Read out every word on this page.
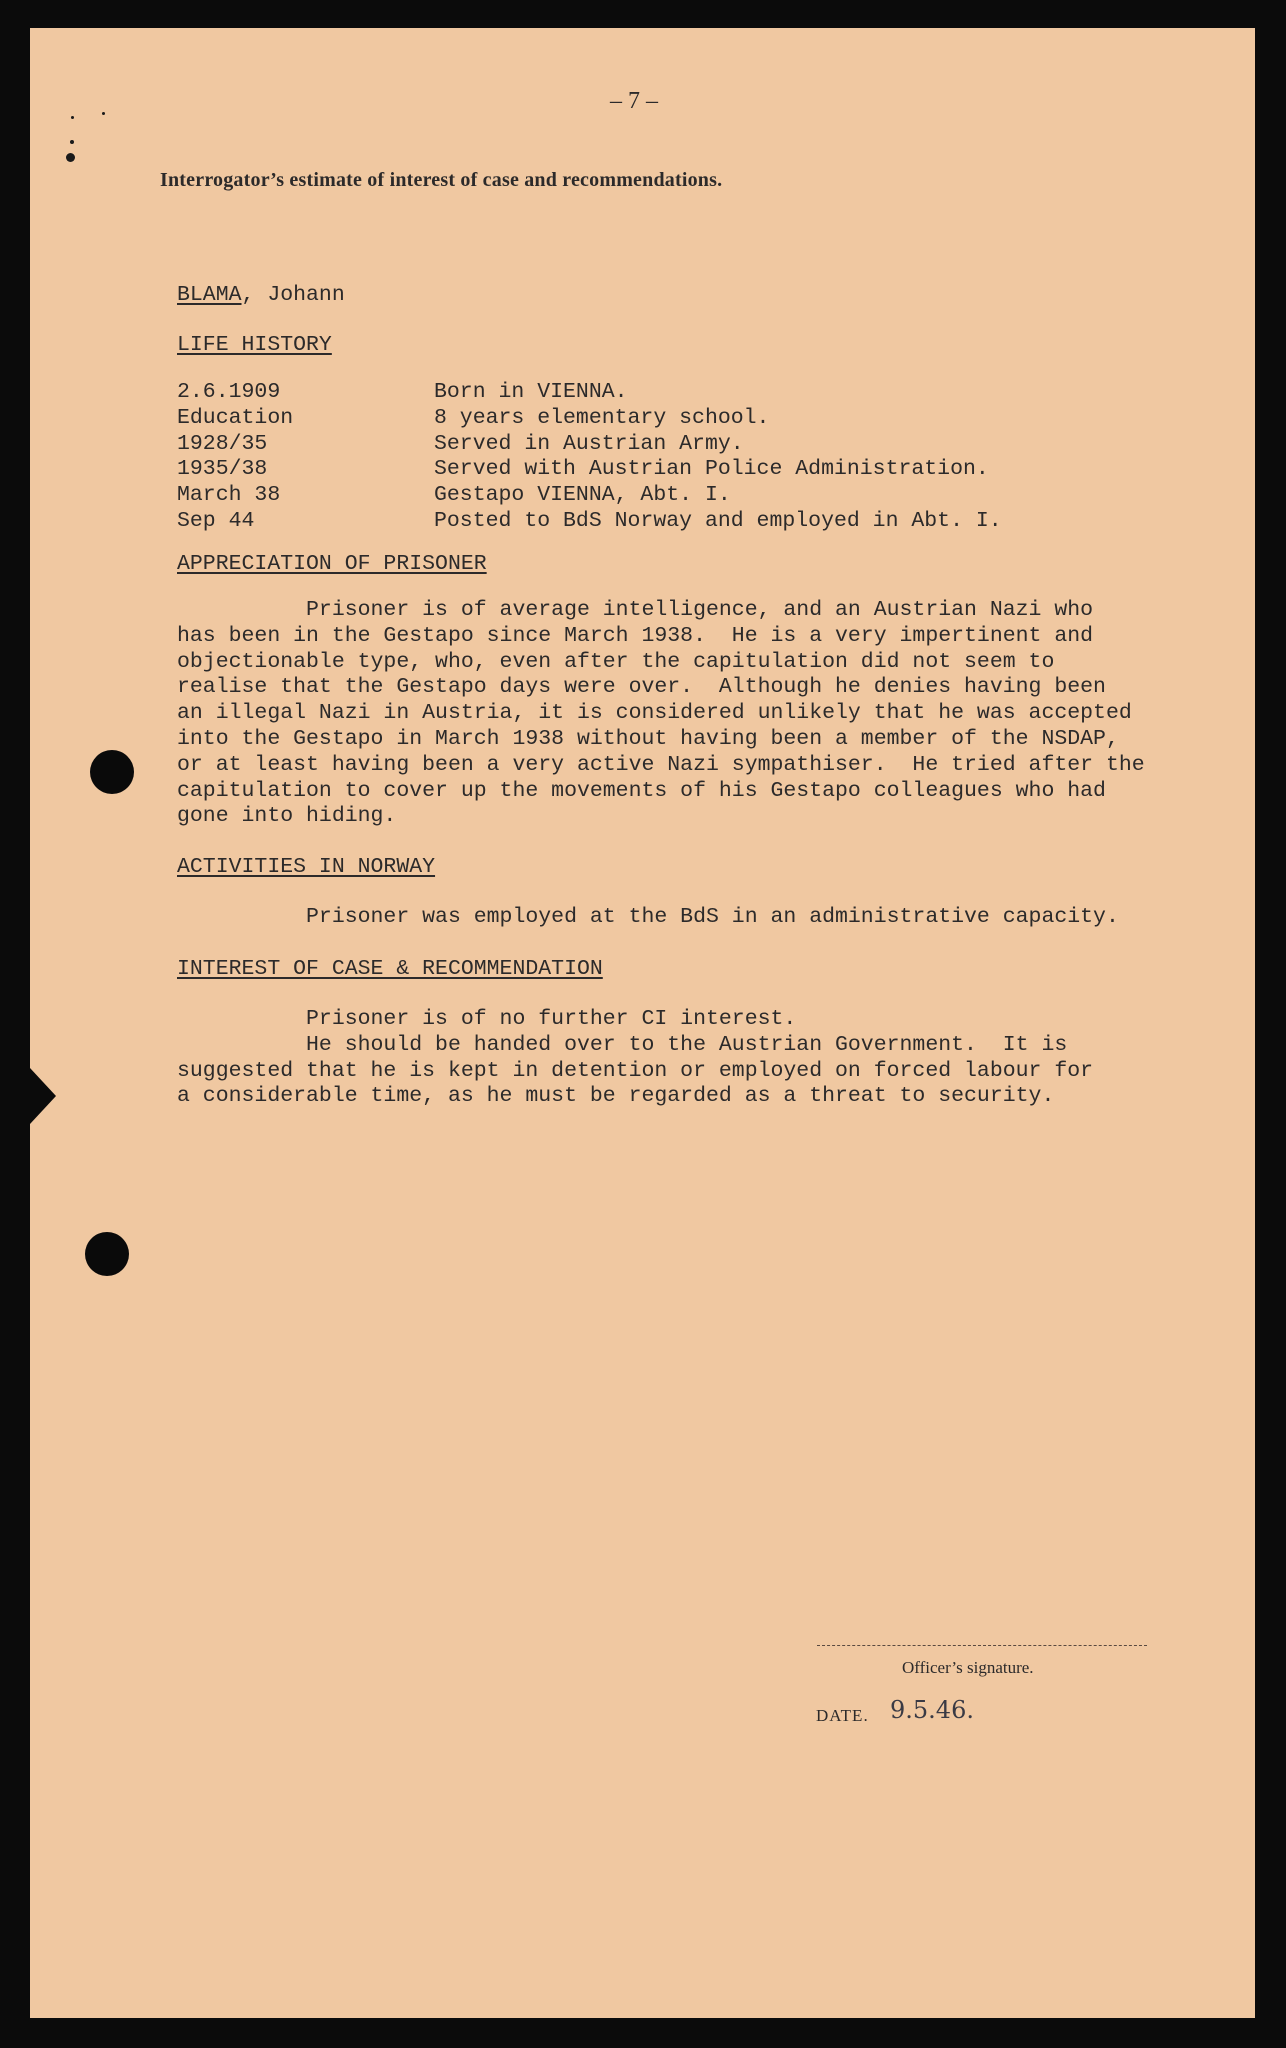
– 7 –
Interrogator’s estimate of interest of case and recommendations.
BLAMA, Johann
LIFE HISTORY
2.6.1909	Born in VIENNA.
Education	8 years elementary school.
1928/35	Served in Austrian Army.
1935/38	Served with Austrian Police Administration.
March 38	Gestapo VIENNA, Abt. I.
Sep 44	Posted to BdS Norway and employed in Abt. I.
APPRECIATION OF PRISONER
Prisoner is of average intelligence, and an Austrian Nazi who
has been in the Gestapo since March 1938.  He is a very impertinent and
objectionable type, who, even after the capitulation did not seem to
realise that the Gestapo days were over.  Although he denies having been
an illegal Nazi in Austria, it is considered unlikely that he was accepted
into the Gestapo in March 1938 without having been a member of the NSDAP,
or at least having been a very active Nazi sympathiser.  He tried after the
capitulation to cover up the movements of his Gestapo colleagues who had
gone into hiding.
ACTIVITIES IN NORWAY
Prisoner was employed at the BdS in an administrative capacity.
INTEREST OF CASE & RECOMMENDATION
Prisoner is of no further CI interest.
He should be handed over to the Austrian Government.  It is
suggested that he is kept in detention or employed on forced labour for
a considerable time, as he must be regarded as a threat to security.
Officer’s signature.
DATE. 9.5.46.
